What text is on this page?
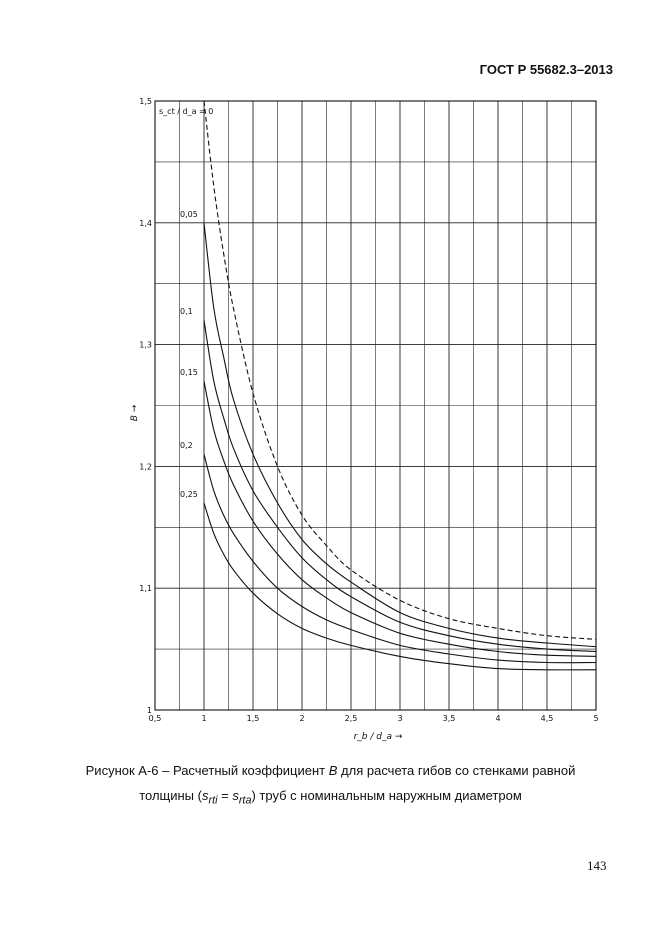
ГОСТ Р 55682.3–2013
0,5	1	1,5	2	2,5	3	3,5	4	4,5	5
1
1,1
1,2
1,3
1,4
1,5
s_ct / d_a = 0
0,05
0,1
0,15
0,2
0,25
r_b / d_a →
B →
Рисунок А-6 – Расчетный коэффициент B для расчета гибов со стенками равной
толщины $(s_{rti} = s_{rta})$ труб с номинальным наружным диаметром
143
